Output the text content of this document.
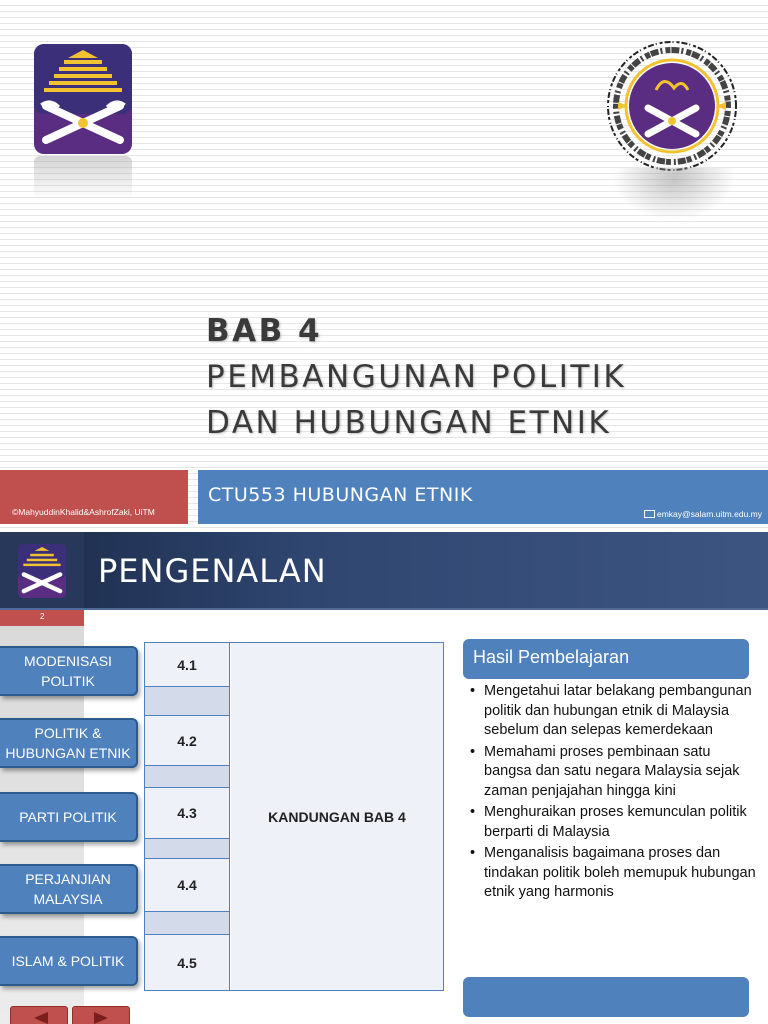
BAB 4
PEMBANGUNAN POLITIK
DAN HUBUNGAN ETNIK
©MahyuddinKhalid&AshrofZaki, UiTM
CTU553 HUBUNGAN ETNIK
emkay@salam.uitm.edu.my
PENGENALAN
2
MODENISASI POLITIK
POLITIK & HUBUNGAN ETNIK
PARTI POLITIK
PERJANJIAN MALAYSIA
ISLAM & POLITIK
4.1
4.2
4.3
4.4
4.5
KANDUNGAN BAB 4
Hasil Pembelajaran
• Mengetahui latar belakang pembangunan politik dan hubungan etnik di Malaysia sebelum dan selepas kemerdekaan
• Memahami proses pembinaan satu bangsa dan satu negara Malaysia sejak zaman penjajahan hingga kini
• Menghuraikan proses kemunculan politik berparti di Malaysia
• Menganalisis bagaimana proses dan tindakan politik boleh memupuk hubungan etnik yang harmonis
